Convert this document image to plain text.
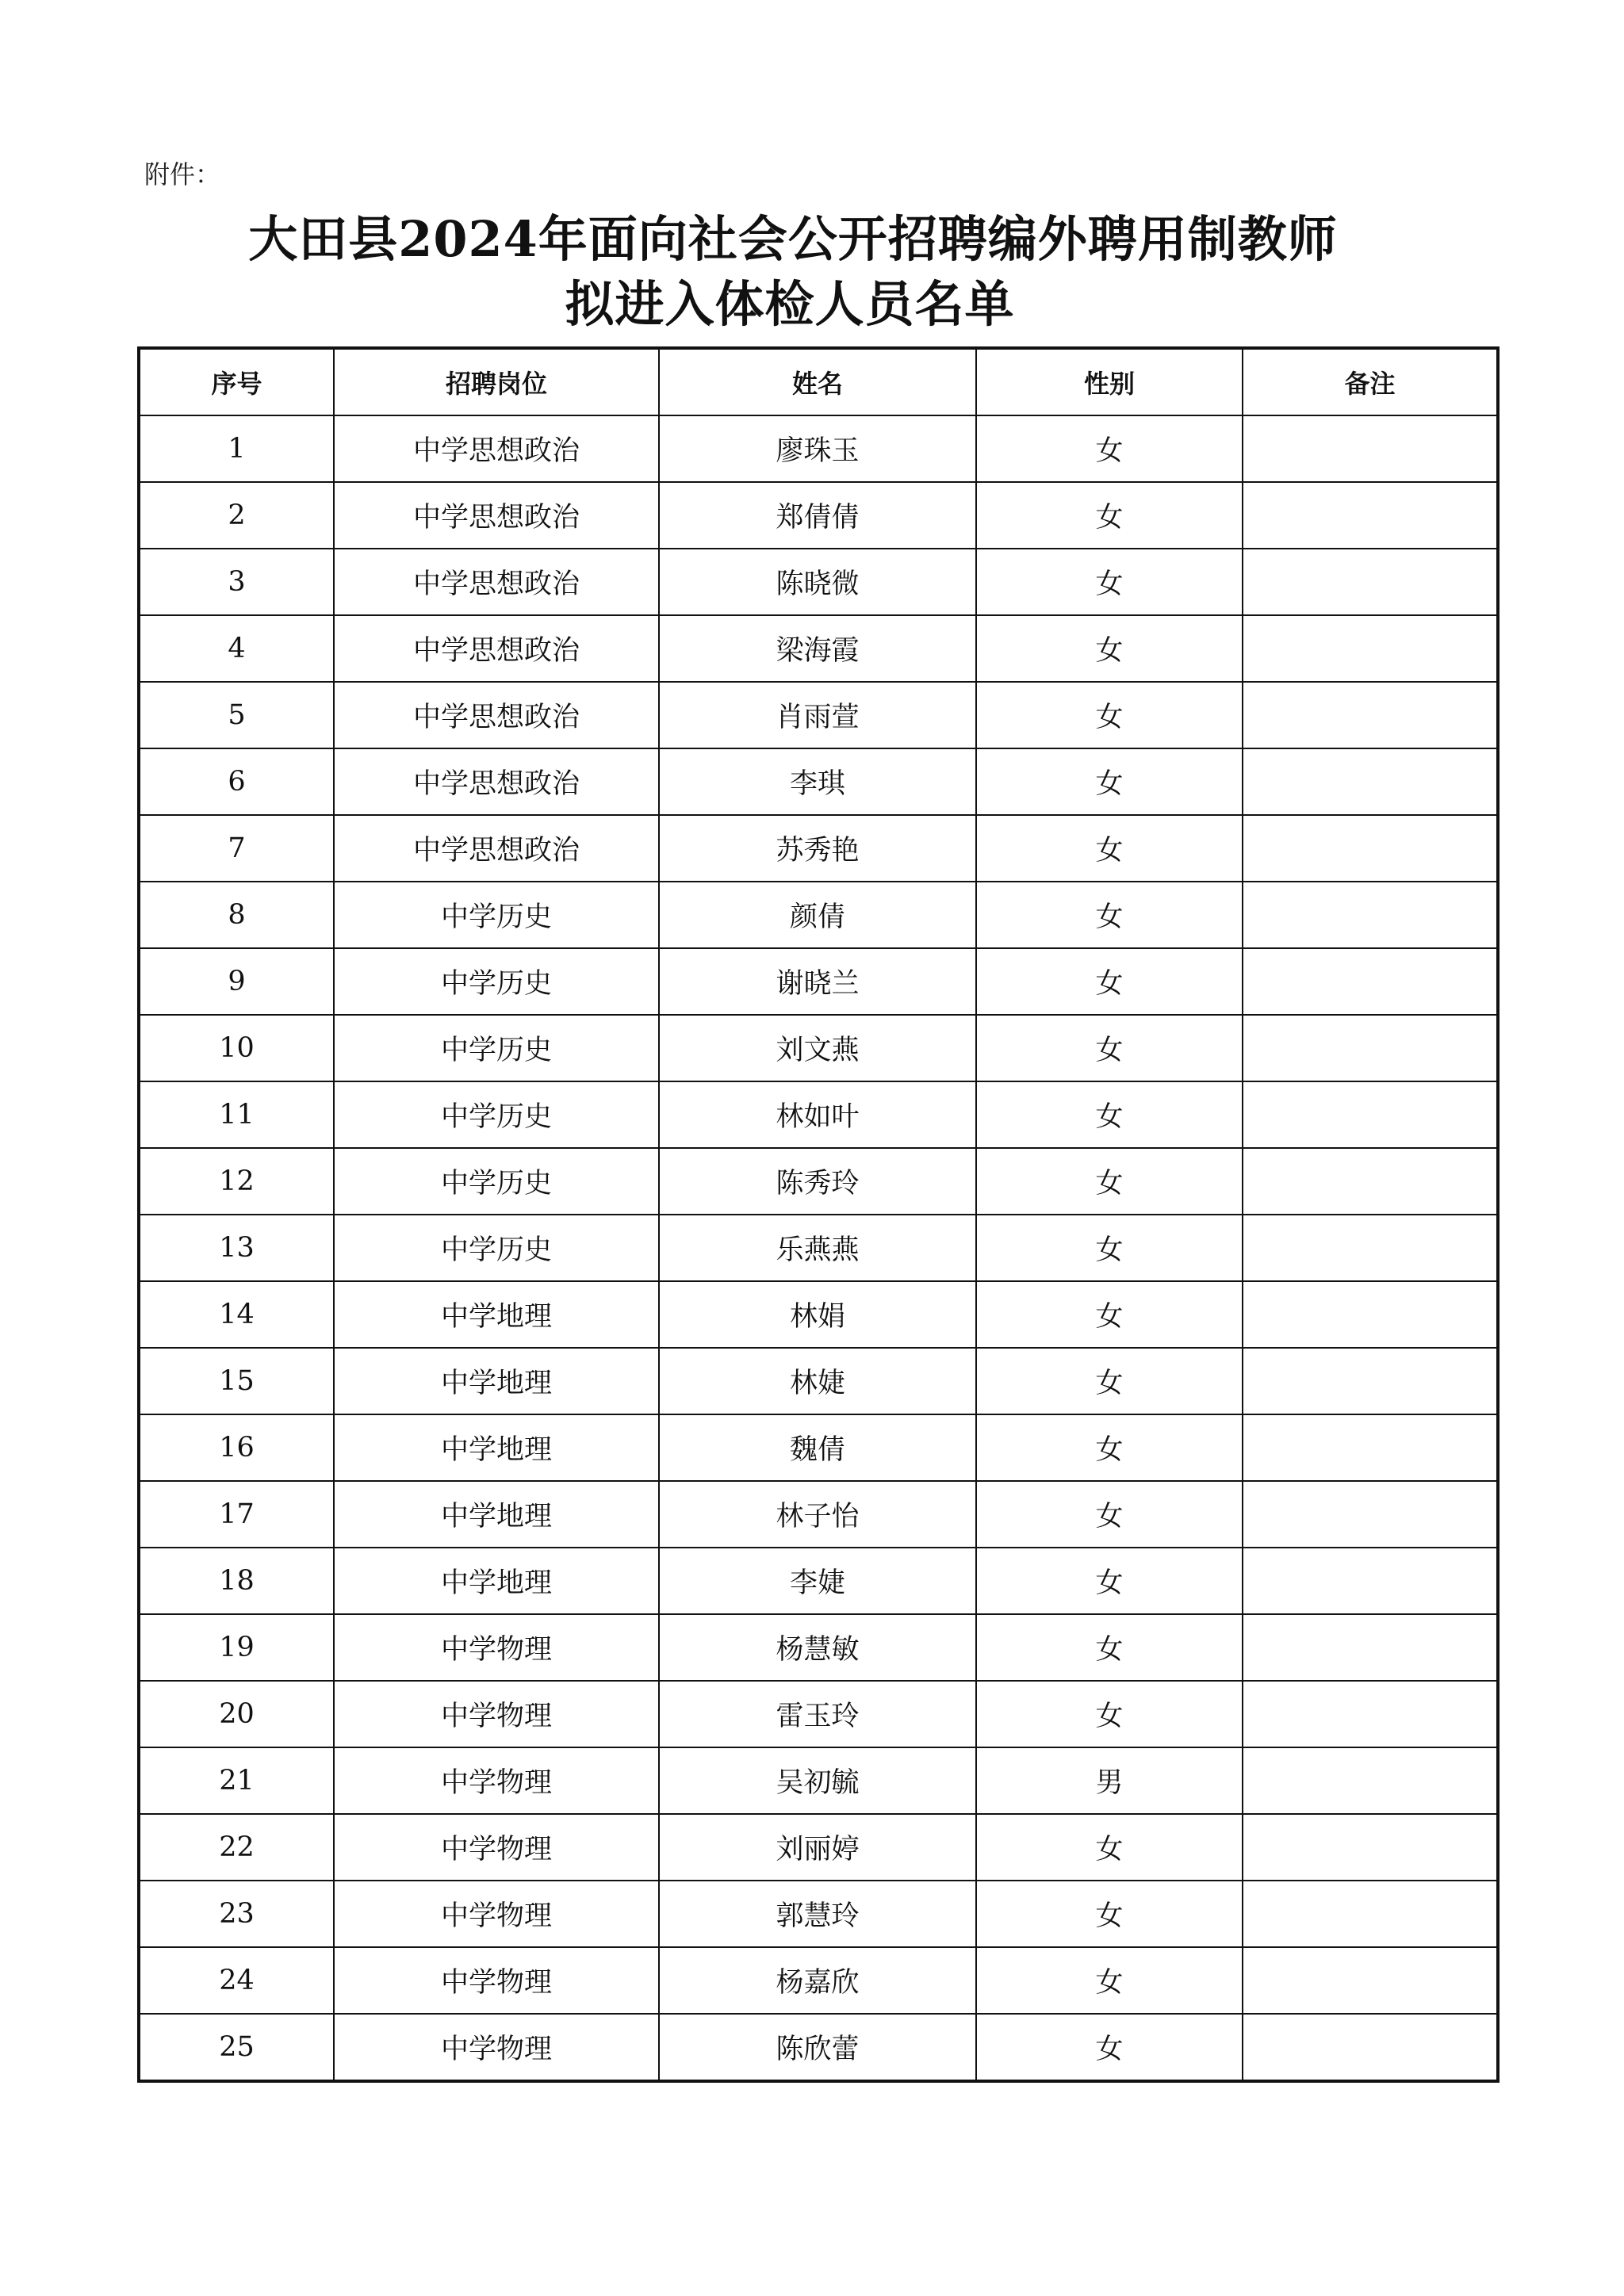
附件：
大田县2024年面向社会公开招聘编外聘用制教师
拟进入体检人员名单
序号	招聘岗位	姓名	性别	备注
1	中学思想政治	廖珠玉	女	
2	中学思想政治	郑倩倩	女	
3	中学思想政治	陈晓微	女	
4	中学思想政治	梁海霞	女	
5	中学思想政治	肖雨萱	女	
6	中学思想政治	李琪	女	
7	中学思想政治	苏秀艳	女	
8	中学历史	颜倩	女	
9	中学历史	谢晓兰	女	
10	中学历史	刘文燕	女	
11	中学历史	林如叶	女	
12	中学历史	陈秀玲	女	
13	中学历史	乐燕燕	女	
14	中学地理	林娟	女	
15	中学地理	林婕	女	
16	中学地理	魏倩	女	
17	中学地理	林子怡	女	
18	中学地理	李婕	女	
19	中学物理	杨慧敏	女	
20	中学物理	雷玉玲	女	
21	中学物理	吴初毓	男	
22	中学物理	刘丽婷	女	
23	中学物理	郭慧玲	女	
24	中学物理	杨嘉欣	女	
25	中学物理	陈欣蕾	女	
